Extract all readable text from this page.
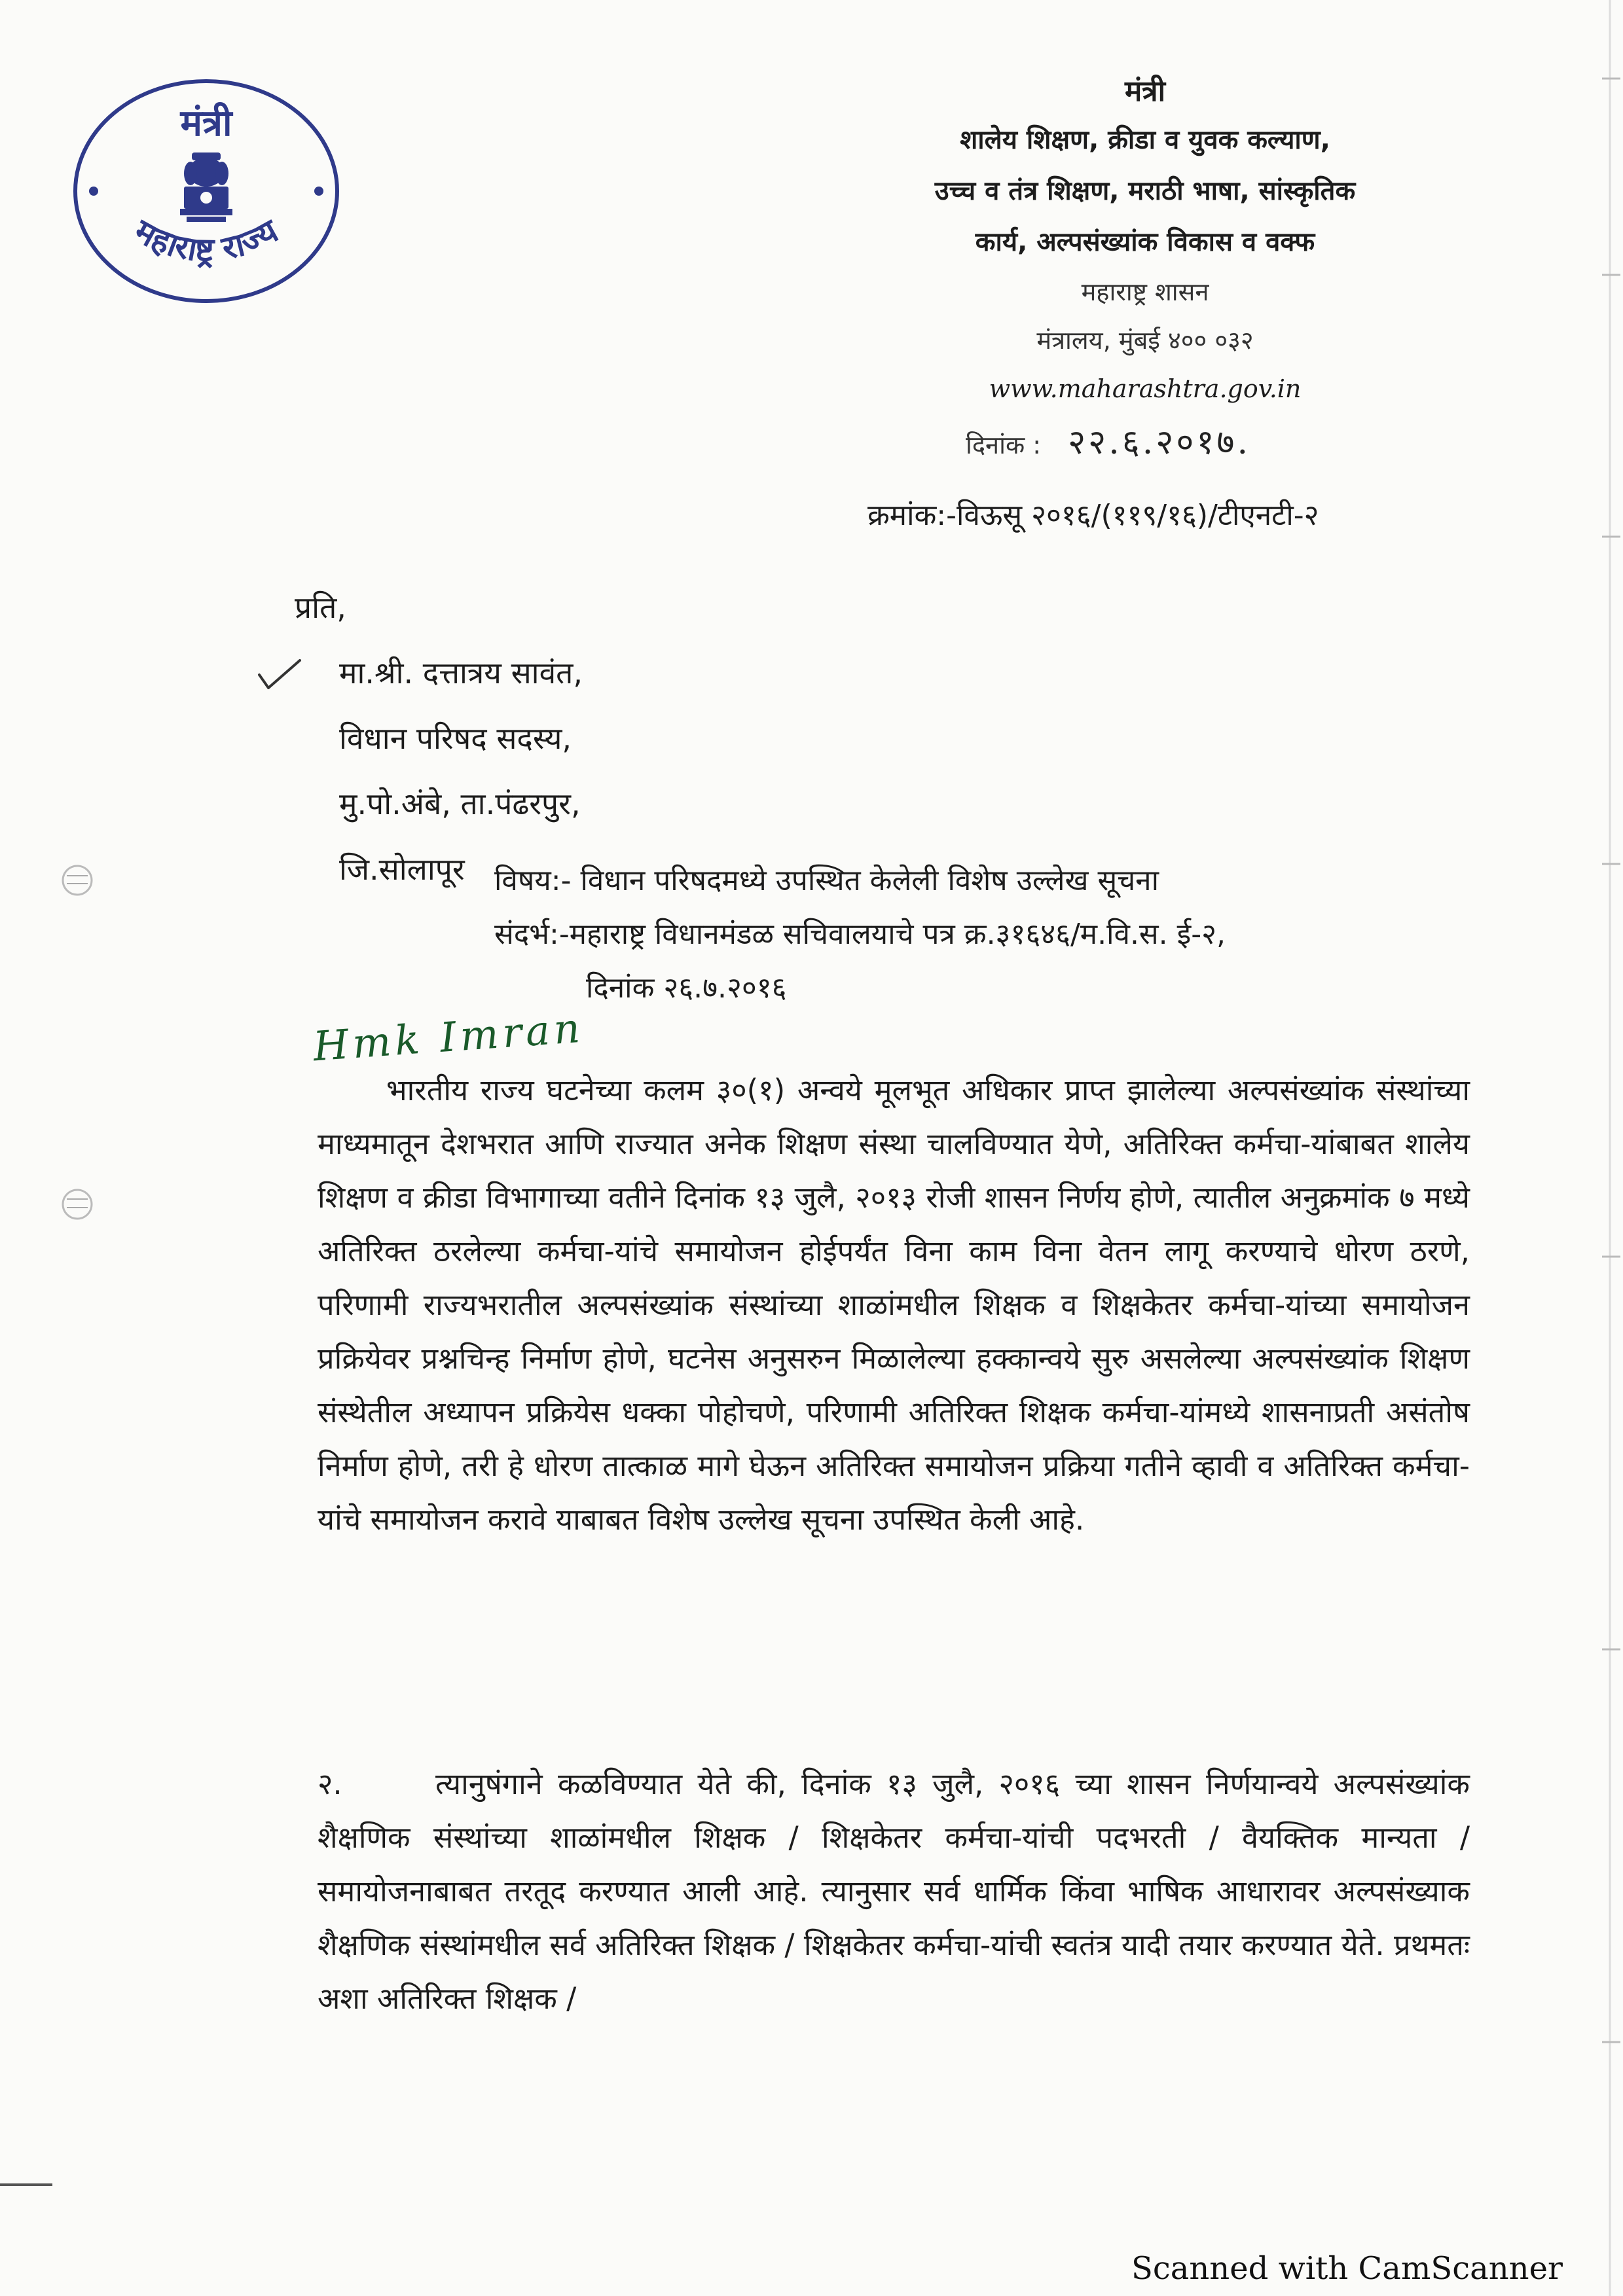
मंत्री
महाराष्ट्र राज्य
मंत्री
शालेय शिक्षण, क्रीडा व युवक कल्याण,
उच्च व तंत्र शिक्षण, मराठी भाषा, सांस्कृतिक
कार्य, अल्पसंख्यांक विकास व वक्फ
महाराष्ट्र शासन
मंत्रालय, मुंबई ४०० ०३२
www.maharashtra.gov.in
दिनांक : २२.६.२०१७.
क्रमांक:-विऊसू २०१६/(११९/१६)/टीएनटी-२
प्रति,
मा.श्री. दत्तात्रय सावंत,
विधान परिषद सदस्य,
मु.पो.अंबे, ता.पंढरपुर,
जि.सोलापूर	विषय:- विधान परिषदमध्ये उपस्थित केलेली विशेष उल्लेख सूचना
संदर्भ:-महाराष्ट्र विधानमंडळ सचिवालयाचे पत्र क्र.३१६४६/म.वि.स. ई-२,
दिनांक २६.७.२०१६
Hmk Imran

भारतीय राज्य घटनेच्या कलम ३०(१) अन्वये मूलभूत अधिकार प्राप्त झालेल्या अल्पसंख्यांक संस्थांच्या माध्यमातून देशभरात आणि राज्यात अनेक शिक्षण संस्था चालविण्यात येणे, अतिरिक्त कर्मचा-यांबाबत शालेय शिक्षण व क्रीडा विभागाच्या वतीने दिनांक १३ जुलै, २०१३ रोजी शासन निर्णय होणे, त्यातील अनुक्रमांक ७ मध्ये अतिरिक्त ठरलेल्या कर्मचा-यांचे समायोजन होईपर्यंत विना काम विना वेतन लागू करण्याचे धोरण ठरणे, परिणामी राज्यभरातील अल्पसंख्यांक संस्थांच्या शाळांमधील शिक्षक व शिक्षकेतर कर्मचा-यांच्या समायोजन प्रक्रियेवर प्रश्नचिन्ह निर्माण होणे, घटनेस अनुसरुन मिळालेल्या हक्कान्वये सुरु असलेल्या अल्पसंख्यांक शिक्षण संस्थेतील अध्यापन प्रक्रियेस धक्का पोहोचणे, परिणामी अतिरिक्त शिक्षक कर्मचा-यांमध्ये शासनाप्रती असंतोष निर्माण होणे, तरी हे धोरण तात्काळ मागे घेऊन अतिरिक्त समायोजन प्रक्रिया गतीने व्हावी व अतिरिक्त कर्मचा-यांचे समायोजन करावे याबाबत विशेष उल्लेख सूचना उपस्थित केली आहे.

२.	त्यानुषंगाने कळविण्यात येते की, दिनांक १३ जुलै, २०१६ च्या शासन निर्णयान्वये अल्पसंख्यांक शैक्षणिक संस्थांच्या शाळांमधील शिक्षक / शिक्षकेतर कर्मचा-यांची पदभरती / वैयक्तिक मान्यता / समायोजनाबाबत तरतूद करण्यात आली आहे. त्यानुसार सर्व धार्मिक किंवा भाषिक आधारावर अल्पसंख्याक शैक्षणिक संस्थांमधील सर्व अतिरिक्त शिक्षक / शिक्षकेतर कर्मचा-यांची स्वतंत्र यादी तयार करण्यात येते. प्रथमतः अशा अतिरिक्त शिक्षक /

Scanned with CamScanner
